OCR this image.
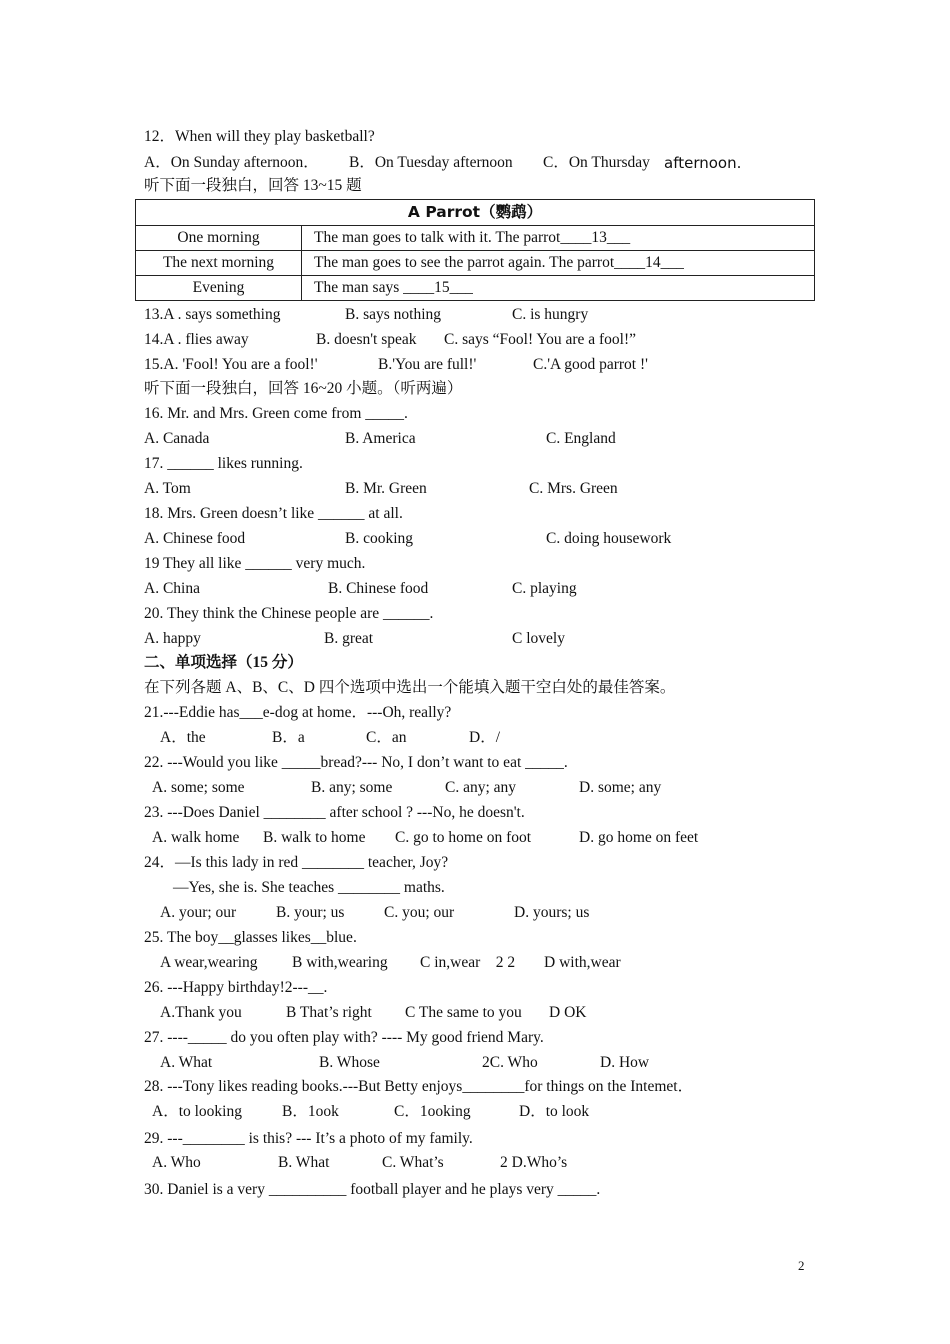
12．When will they play basketball?

A．On Sunday afternoon．

B．On Tuesday afternoon

C．On Thursday

afternoon.

听下面一段独白，回答 13~15 题
A Parrot（鹦鹉）	
One morning	The man goes to talk with it. The parrot____13___
The next morning	The man goes to see the parrot again. The parrot____14___
Evening	The man says ____15___

13.A . says something

	B. says nothing

	C. is hungry

14.A . flies away

	B. doesn't speak

C. says “Fool! You are a fool!”

15.A. 'Fool! You are a fool!'

	B.'You are full!'

	C.'A good parrot !'

听下面一段独白，回答 16~20 小题。（听两遍）
16. Mr. and Mrs. Green come from _____.

A. Canada

	B. America

	C. England

17. ______ likes running.

A. Tom

	B. Mr. Green

	C. Mrs. Green

18. Mrs. Green doesn’t like ______ at all.

A. Chinese food

	B. cooking

	C. doing housework

19 They all like ______ very much.

A. China

	B. Chinese food

	C. playing

20. They think the Chinese people are ______.

A. happy

	B. great

	C lovely

二、单项选择（15 分）
在下列各题 A、B、C、D 四个选项中选出一个能填入题干空白处的最佳答案。
21.---Eddie has___e-dog at home．---Oh, really?

A．the

	B．a

	C．an

	D．/

22. ---Would you like _____bread?--- No, I don’t want to eat _____.

A. some; some

	B. any; some

	C. any; any

	D. some; any

23. ---Does Daniel ________ after school ? ---No, he doesn't.

A. walk home

B. walk to home

C. go to home on foot

	D. go home on feet

24．—Is this lady in red ________ teacher, Joy?
—Yes, she is. She teaches ________ maths.

A. your; our

	B. your; us

	C. you; our

	D. yours; us

25. The boy__glasses likes__blue.

A wear,wearing

B with,wearing

C in,wear    2 2

D with,wear

26. ---Happy birthday!2---__.

A.Thank you

	B That’s right

C The same to you

D OK

27. ----_____ do you often play with? ---- My good friend Mary.

A. What

	B. Whose

	2C. Who

	D. How

28. ---Tony likes reading books.---But Betty enjoys________for things on the Intemet．

A．to looking

	B．1ook

	C．1ooking

	D．to look

29. ---________ is this? --- It’s a photo of my family.

A. Who

	B. What

	C. What’s

	2 D.Who’s

30. Daniel is a very __________ football player and he plays very _____.
2
